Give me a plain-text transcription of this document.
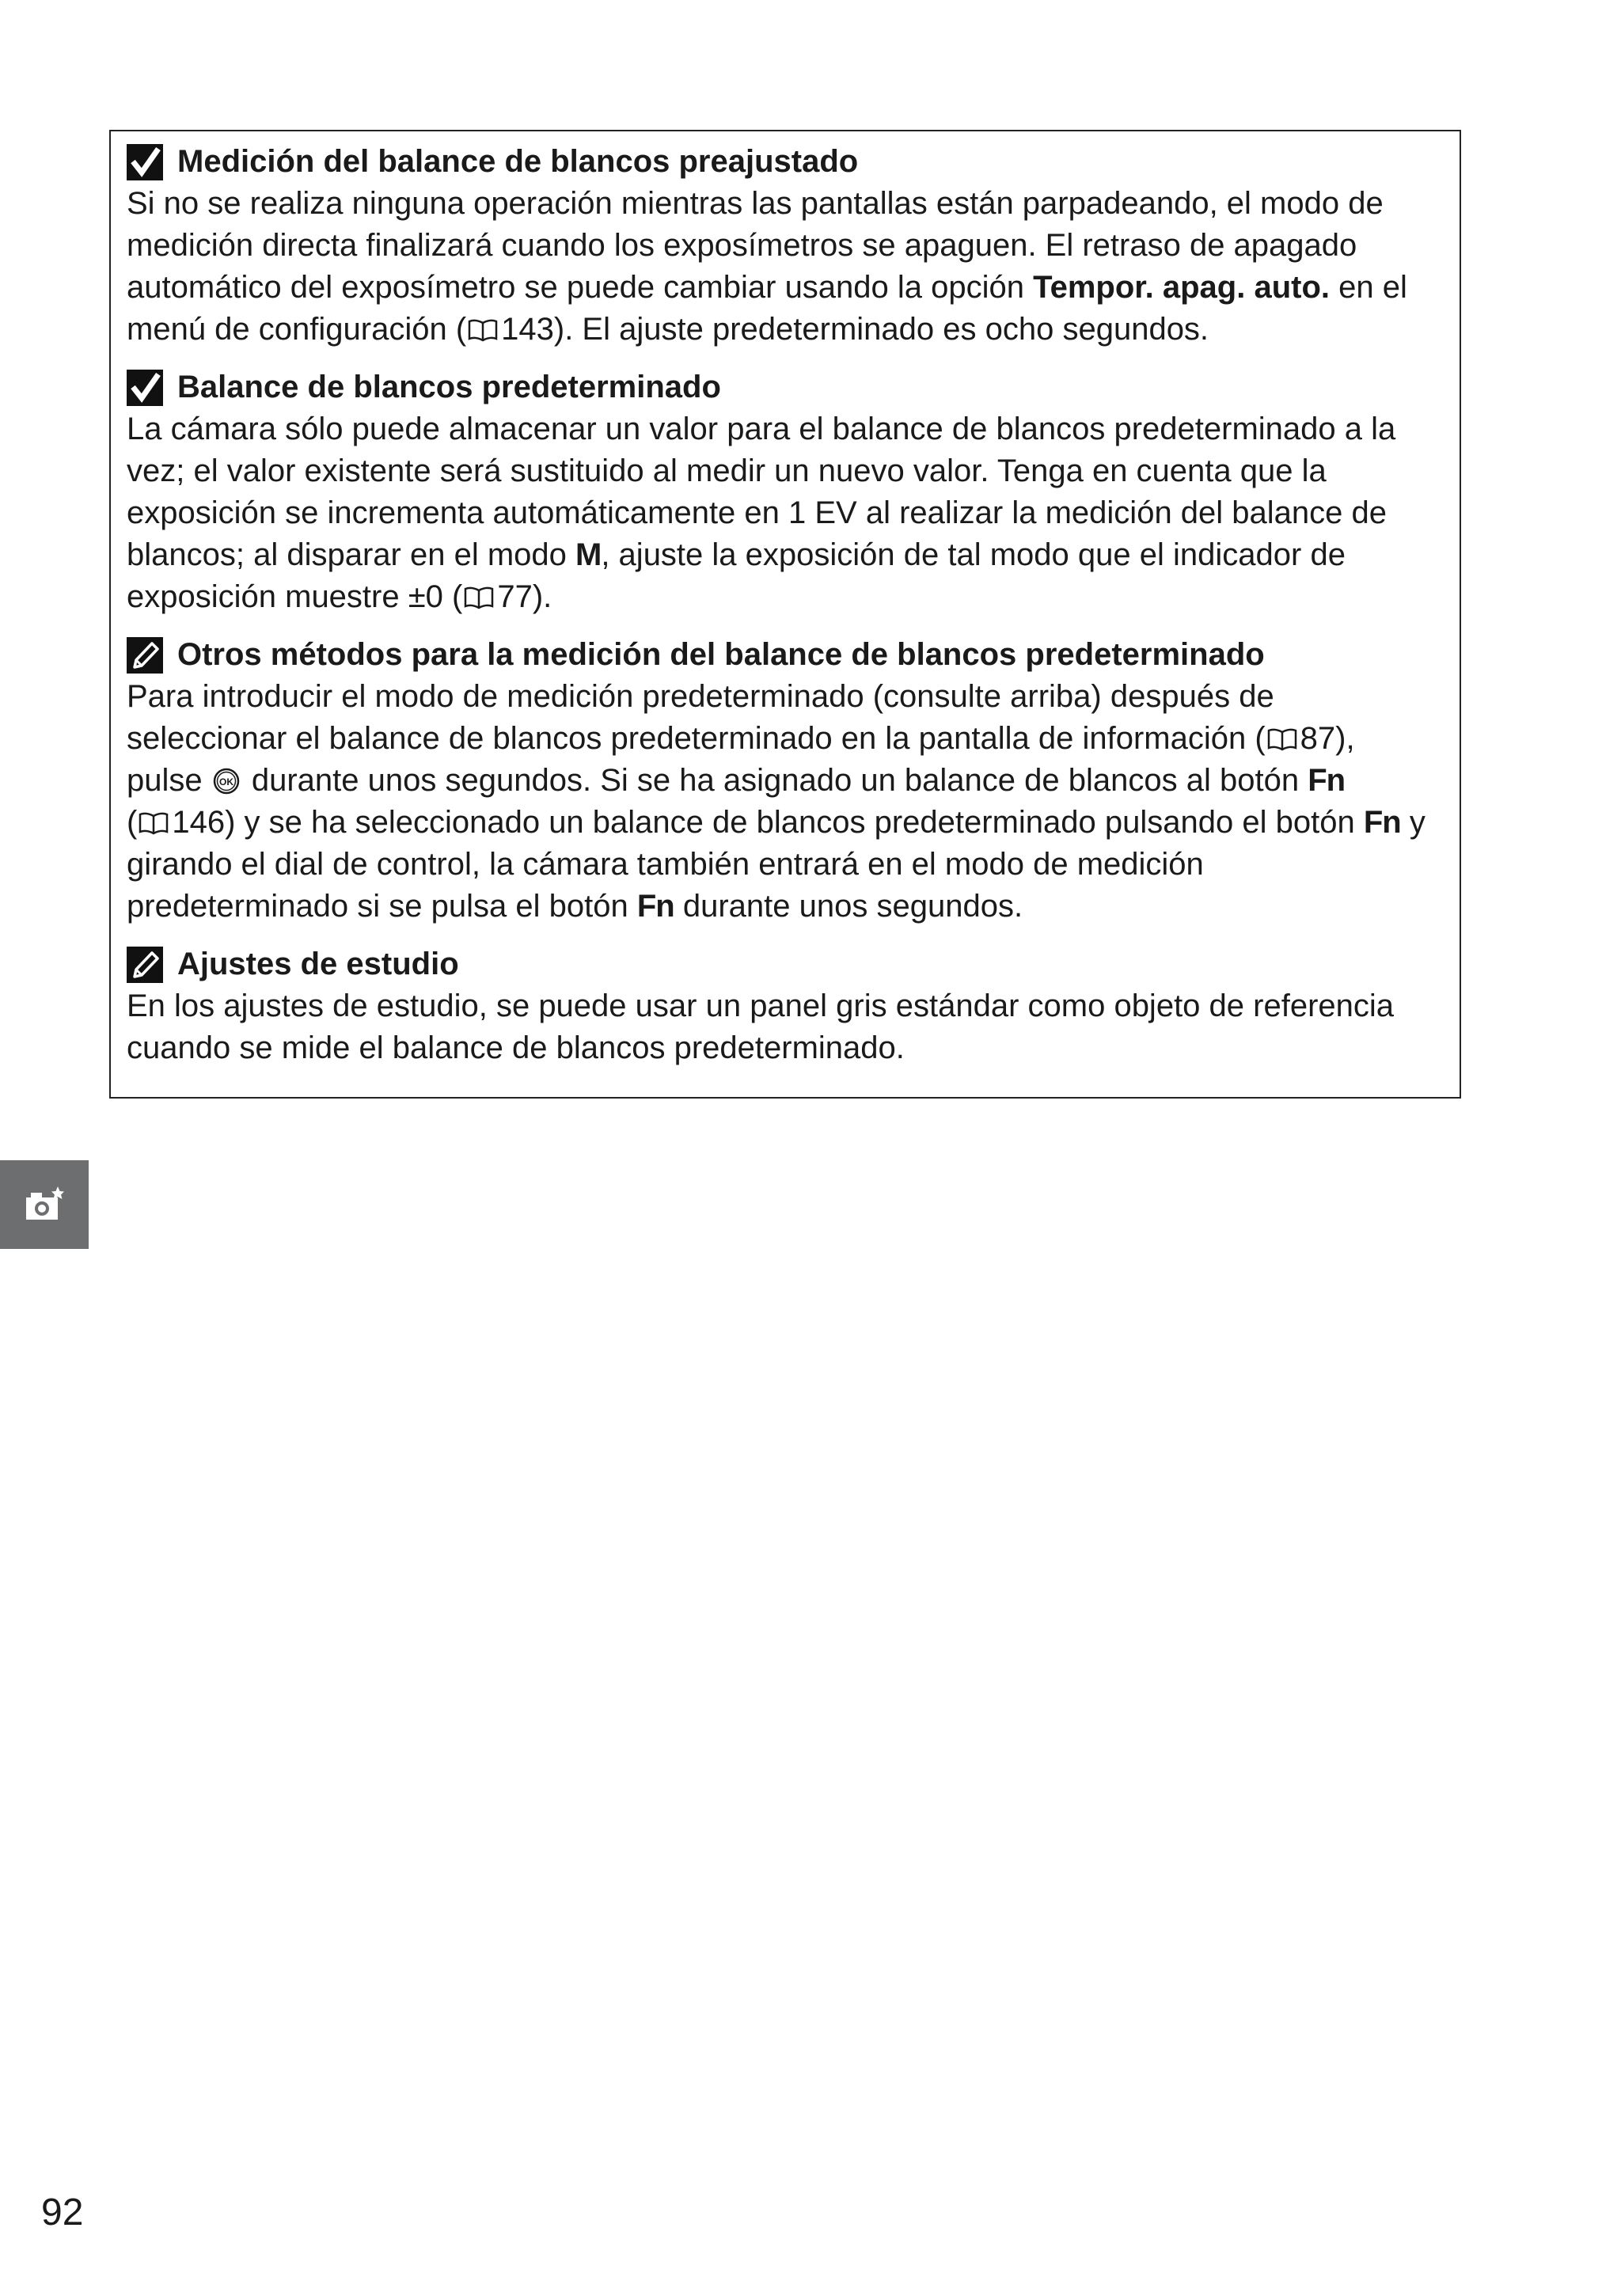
Medición del balance de blancos preajustado

Si no se realiza ninguna operación mientras las pantallas están parpadeando, el modo de
medición directa finalizará cuando los exposímetros se apaguen. El retraso de apagado
automático del exposímetro se puede cambiar usando la opción Tempor. apag. auto. en el
menú de configuración ( 143). El ajuste predeterminado es ocho segundos.

Balance de blancos predeterminado

La cámara sólo puede almacenar un valor para el balance de blancos predeterminado a la
vez; el valor existente será sustituido al medir un nuevo valor. Tenga en cuenta que la
exposición se incrementa automáticamente en 1 EV al realizar la medición del balance de
blancos; al disparar en el modo M, ajuste la exposición de tal modo que el indicador de
exposición muestre ±0 ( 77).

Otros métodos para la medición del balance de blancos predeterminado

Para introducir el modo de medición predeterminado (consulte arriba) después de
seleccionar el balance de blancos predeterminado en la pantalla de información ( 87),
pulse OK durante unos segundos. Si se ha asignado un balance de blancos al botón Fn
( 146) y se ha seleccionado un balance de blancos predeterminado pulsando el botón Fn y
girando el dial de control, la cámara también entrará en el modo de medición
predeterminado si se pulsa el botón Fn durante unos segundos.

Ajustes de estudio

En los ajustes de estudio, se puede usar un panel gris estándar como objeto de referencia
cuando se mide el balance de blancos predeterminado.

92
